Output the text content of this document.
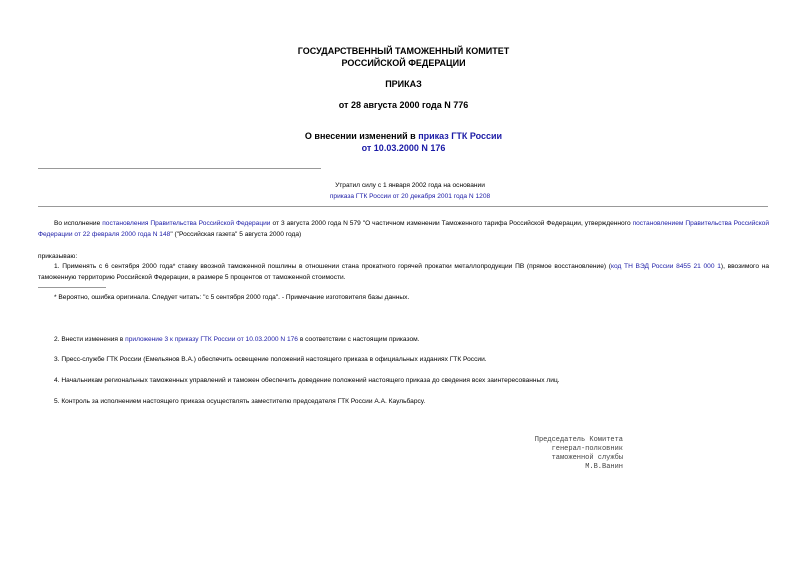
ГОСУДАРСТВЕННЫЙ ТАМОЖЕННЫЙ КОМИТЕТ
РОССИЙСКОЙ ФЕДЕРАЦИИ
ПРИКАЗ
от 28 августа 2000 года N 776
О внесении изменений в приказ ГТК России
от 10.03.2000 N 176
Утратил силу с 1 января 2002 года на основании
приказа ГТК России от 20 декабря 2001 года N 1208
Во исполнение постановления Правительства Российской Федерации от 3 августа 2000 года N 579 "О частичном изменении Таможенного тарифа Российской Федерации, утвержденного постановлением Правительства Российской Федерации от 22 февраля 2000 года N 148" ("Российская газета" 5 августа 2000 года)
приказываю:
1. Применять с 6 сентября 2000 года* ставку ввозной таможенной пошлины в отношении стана прокатного горячей прокатки металлопродукции ПВ (прямое восстановление) (код ТН ВЭД России 8455 21 000 1), ввозимого на таможенную территорию Российской Федерации, в размере 5 процентов от таможенной стоимости.
* Вероятно, ошибка оригинала. Следует читать: "с 5 сентября 2000 года". - Примечание изготовителя базы данных.
2. Внести изменения в приложение 3 к приказу ГТК России от 10.03.2000 N 176 в соответствии с настоящим приказом.
3. Пресс-службе ГТК России (Емельянов В.А.) обеспечить освещение положений настоящего приказа в официальных изданиях ГТК России.
4. Начальникам региональных таможенных управлений и таможен обеспечить доведение положений настоящего приказа до сведения всех заинтересованных лиц.
5. Контроль за исполнением настоящего приказа осуществлять заместителю председателя ГТК России А.А. Каульбарсу.
Председатель Комитета
генерал-полковник
таможенной службы
М.В.Ванин
